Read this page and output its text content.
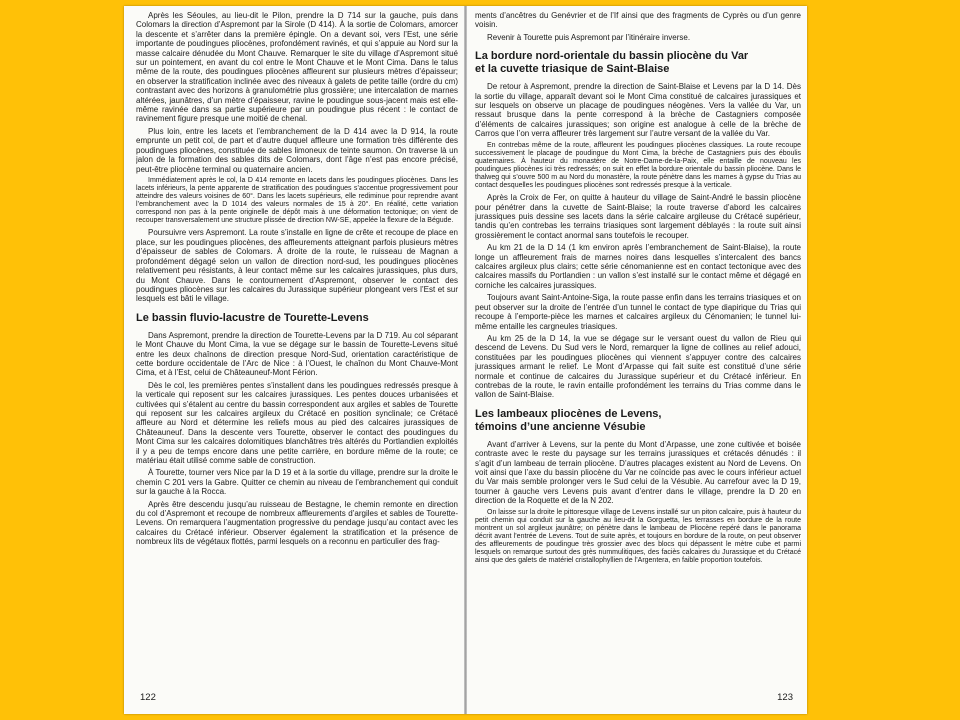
Après les Séoules, au lieu-dit le Pilon, prendre la D 714 sur la gauche, puis dans Colomars la direction d’Aspremont par la Sirole (D 414). À la sortie de Colomars, amorcer la descente et s’arrêter dans la première épingle. On a devant soi, vers l’Est, une série importante de poudingues pliocènes, profondément ravinés, et qui s’appuie au Nord sur la masse calcaire dénudée du Mont Chauve. Remarquer le site du village d’Aspremont situé sur un pointement, en avant du col entre le Mont Chauve et le Mont Cima. Dans le talus même de la route, des poudingues pliocènes affleurent sur plusieurs mètres d’épaisseur; en observer la stratification inclinée avec des niveaux à galets de petite taille (ordre du cm) contrastant avec des horizons à granulométrie plus grossière; une intercalation de marnes altérées, jaunâtres, d’un mètre d’épaisseur, ravine le poudingue sous-jacent mais est elle-même ravinée dans sa partie supérieure par un poudingue plus récent : le contact de ravinement figure presque une moitié de chenal.

Plus loin, entre les lacets et l’embranchement de la D 414 avec la D 914, la route emprunte un petit col, de part et d’autre duquel affleure une formation très différente des poudingues pliocènes, constituée de sables limoneux de teinte saumon. On traverse là un jalon de la formation des sables dits de Colomars, dont l’âge n’est pas encore précisé, peut-être pliocène terminal ou quaternaire ancien.

Immédiatement après le col, la D 414 remonte en lacets dans les poudingues pliocènes. Dans les lacets inférieurs, la pente apparente de stratification des poudingues s’accentue progressivement pour atteindre des valeurs voisines de 60°. Dans les lacets supérieurs, elle rediminue pour reprendre avant l’embranchement avec la D 1014 des valeurs normales de 15 à 20°. En réalité, cette variation correspond non pas à la pente originelle de dépôt mais à une déformation tectonique; on vient de recouper transversalement une structure plissée de direction NW-SE, appelée la flexure de la Bégude.

Poursuivre vers Aspremont. La route s’installe en ligne de crête et recoupe de place en place, sur les poudingues pliocènes, des affleurements atteignant parfois plusieurs mètres d’épaisseur de sables de Colomars. À droite de la route, le ruisseau de Magnan a profondément dégagé selon un vallon de direction nord-sud, les poudingues pliocènes relativement peu résistants, à leur contact même sur les calcaires jurassiques, plus durs, du Mont Chauve. Dans le contournement d’Aspremont, observer le contact des poudingues pliocènes sur les calcaires du Jurassique supérieur plongeant vers l’Est et sur lesquels est bâti le village.

Le bassin fluvio-lacustre de Tourette-Levens

Dans Aspremont, prendre la direction de Tourette-Levens par la D 719. Au col séparant le Mont Chauve du Mont Cima, la vue se dégage sur le bassin de Tourette-Levens situé entre les deux chaînons de direction presque Nord-Sud, orientation caractéristique de cette bordure occidentale de l’Arc de Nice : à l’Ouest, le chaînon du Mont Chauve-Mont Cima, et à l’Est, celui de Châteauneuf-Mont Férion.

Dès le col, les premières pentes s’installent dans les poudingues redressés presque à la verticale qui reposent sur les calcaires jurassiques. Les pentes douces urbanisées et cultivées qui s’étalent au centre du bassin correspondent aux argiles et sables de Tourette qui reposent sur les calcaires argileux du Crétacé en position synclinale; ce Crétacé affleure au Nord et détermine les reliefs mous au pied des calcaires jurassiques de Châteauneuf. Dans la descente vers Tourette, observer le contact des poudingues du Mont Cima sur les calcaires dolomitiques blanchâtres très altérés du Portlandien exploités il y a peu de temps encore dans une petite carrière, en bordure même de la route; ce matériau était utilisé comme sable de construction.

À Tourette, tourner vers Nice par la D 19 et à la sortie du village, prendre sur la droite le chemin C 201 vers la Gabre. Quitter ce chemin au niveau de l’embranchement qui conduit sur la gauche à la Rocca.

Après être descendu jusqu’au ruisseau de Bestagne, le chemin remonte en direction du col d’Aspremont et recoupe de nombreux affleurements d’argiles et sables de Tourette-Levens. On remarquera l’augmentation progressive du pendage jusqu’au contact avec les calcaires du Crétacé inférieur. Observer également la stratification et la présence de nombreux lits de végétaux flottés, parmi lesquels on a reconnu en particulier des frag-

122

ments d’ancêtres du Genévrier et de l’If ainsi que des fragments de Cyprès ou d’un genre voisin.

Revenir à Tourette puis Aspremont par l’itinéraire inverse.

La bordure nord-orientale du bassin pliocène du Var
et la cuvette triasique de Saint-Blaise

De retour à Aspremont, prendre la direction de Saint-Blaise et Levens par la D 14. Dès la sortie du village, apparaît devant soi le Mont Cima constitué de calcaires jurassiques et sur lesquels on observe un placage de poudingues néogènes. Vers la vallée du Var, un ressaut brusque dans la pente correspond à la brèche de Castagniers composée d’éléments de calcaires jurassiques; son origine est analogue à celle de la brèche de Carros que l’on verra affleurer très largement sur l’autre versant de la vallée du Var.

En contrebas même de la route, affleurent les poudingues pliocènes classiques. La route recoupe successivement le placage de poudingue du Mont Cima, la brèche de Castagniers puis des éboulis quaternaires. À hauteur du monastère de Notre-Dame-de-la-Paix, elle entaille de nouveau les poudingues pliocènes ici très redressés; on suit en effet la bordure orientale du bassin pliocène. Dans le thalweg qui s’ouvre 500 m au Nord du monastère, la route pénètre dans les marnes à gypse du Trias au contact desquelles les poudingues pliocènes sont redressés presque à la verticale.

Après la Croix de Fer, on quitte à hauteur du village de Saint-André le bassin pliocène pour pénétrer dans la cuvette de Saint-Blaise; la route traverse d’abord les calcaires jurassiques puis dessine ses lacets dans la série calcaire argileuse du Crétacé supérieur, tandis qu’en contrebas les terrains triasiques sont largement déblayés : la route suit ainsi grossièrement le contact anormal sans toutefois le recouper.

Au km 21 de la D 14 (1 km environ après l’embranchement de Saint-Blaise), la route longe un affleurement frais de marnes noires dans lesquelles s’intercalent des bancs calcaires argileux plus clairs; cette série cénomanienne est en contact tectonique avec des calcaires massifs du Portlandien : un vallon s’est installé sur le contact même et dégagé en corniche les calcaires jurassiques.

Toujours avant Saint-Antoine-Siga, la route passe enfin dans les terrains triasiques et on peut observer sur la droite de l’entrée d’un tunnel le contact de type diapirique du Trias qui recoupe à l’emporte-pièce les marnes et calcaires argileux du Cénomanien; le tunnel lui-même entaille les cargneules triasiques.

Au km 25 de la D 14, la vue se dégage sur le versant ouest du vallon de Rieu qui descend de Levens. Du Sud vers le Nord, remarquer la ligne de collines au relief adouci, constituées par les poudingues pliocènes qui viennent s’appuyer contre des calcaires jurassiques armant le relief. Le Mont d’Arpasse qui fait suite est constitué d’une série normale et continue de calcaires du Jurassique supérieur et du Crétacé inférieur. En contrebas de la route, le ravin entaille profondément les terrains du Trias comme dans le vallon de Saint-Blaise.

Les lambeaux pliocènes de Levens,
témoins d’une ancienne Vésubie

Avant d’arriver à Levens, sur la pente du Mont d’Arpasse, une zone cultivée et boisée contraste avec le reste du paysage sur les terrains jurassiques et crétacés dénudés : il s’agit d’un lambeau de terrain pliocène. D’autres placages existent au Nord de Levens. On voit ainsi que l’axe du bassin pliocène du Var ne coïncide pas avec le cours inférieur actuel du Var mais semble prolonger vers le Sud celui de la Vésubie. Au carrefour avec la D 19, tourner à gauche vers Levens puis avant d’entrer dans le village, prendre la D 20 en direction de la Roquette et de la N 202.

On laisse sur la droite le pittoresque village de Levens installé sur un piton calcaire, puis à hauteur du petit chemin qui conduit sur la gauche au lieu-dit la Gorguetta, les terrasses en bordure de la route montrent un sol argileux jaunâtre; on pénètre dans le lambeau de Pliocène repéré dans le panorama décrit avant l’entrée de Levens. Tout de suite après, et toujours en bordure de la route, on peut observer des affleurements de poudingue très grossier avec des blocs qui dépassent le mètre cube et parmi lesquels on remarque surtout des grès nummulitiques, des faciès calcaires du Jurassique et du Crétacé ainsi que des galets de matériel cristallophyllien de l’Argentera, en faible proportion toutefois.

123
